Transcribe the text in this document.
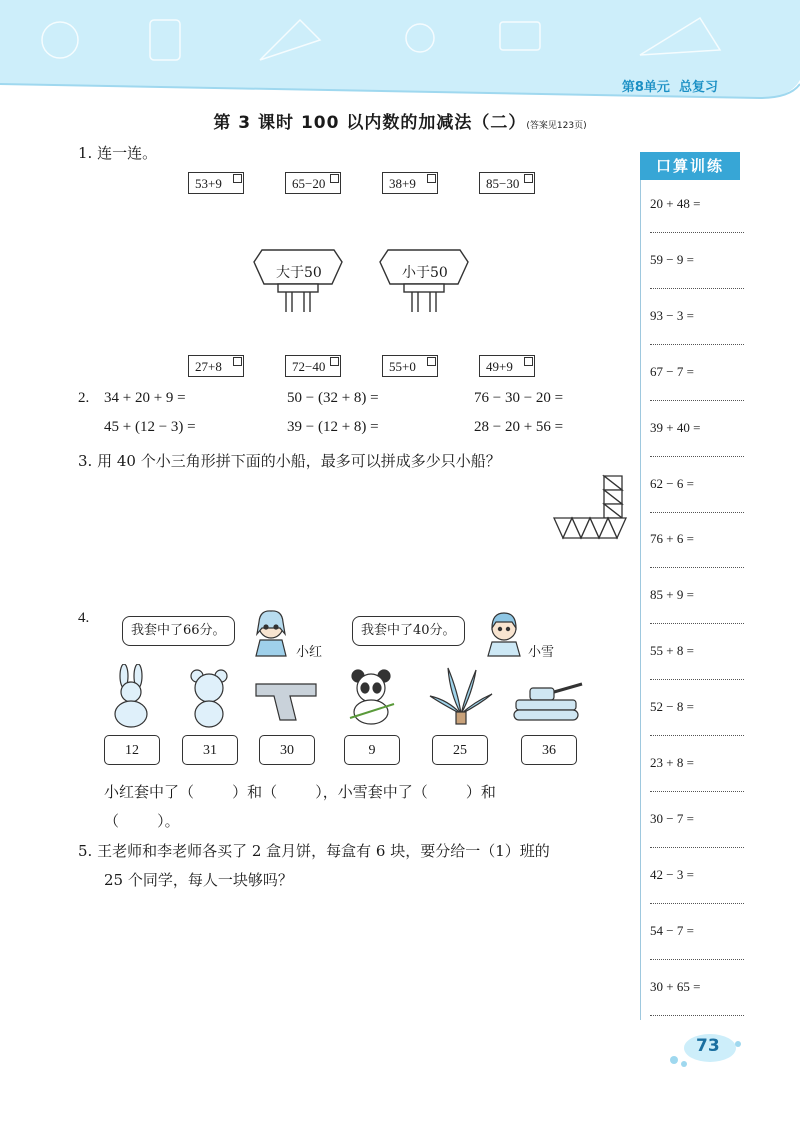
第8单元 总复习
第 3 课时 100 以内数的加减法（二）(答案见123页)
1. 连一连。
53+9	65−20	38+9	85−30
大于50	小于50
27+8	72−40	55+0	49+9
2. 34 + 20 + 9 =	50 − (32 + 8) =	76 − 30 − 20 =
45 + (12 − 3) =	39 − (12 + 8) =	28 − 20 + 56 =
3. 用 40 个小三角形拼下面的小船，最多可以拼成多少只小船？
4.
我套中了66分。
小红
我套中了40分。
小雪
12	31	30	9	25	36
小红套中了（        ）和（        ），小雪套中了（        ）和
（        ）。
5. 王老师和李老师各买了 2 盒月饼，每盒有 6 块，要分给一（1）班的
25 个同学，每人一块够吗？
口算训练
20 + 48 =
59 − 9 =
93 − 3 =
67 − 7 =
39 + 40 =
62 − 6 =
76 + 6 =
85 + 9 =
55 + 8 =
52 − 8 =
23 + 8 =
30 − 7 =
42 − 3 =
54 − 7 =
30 + 65 =
73
